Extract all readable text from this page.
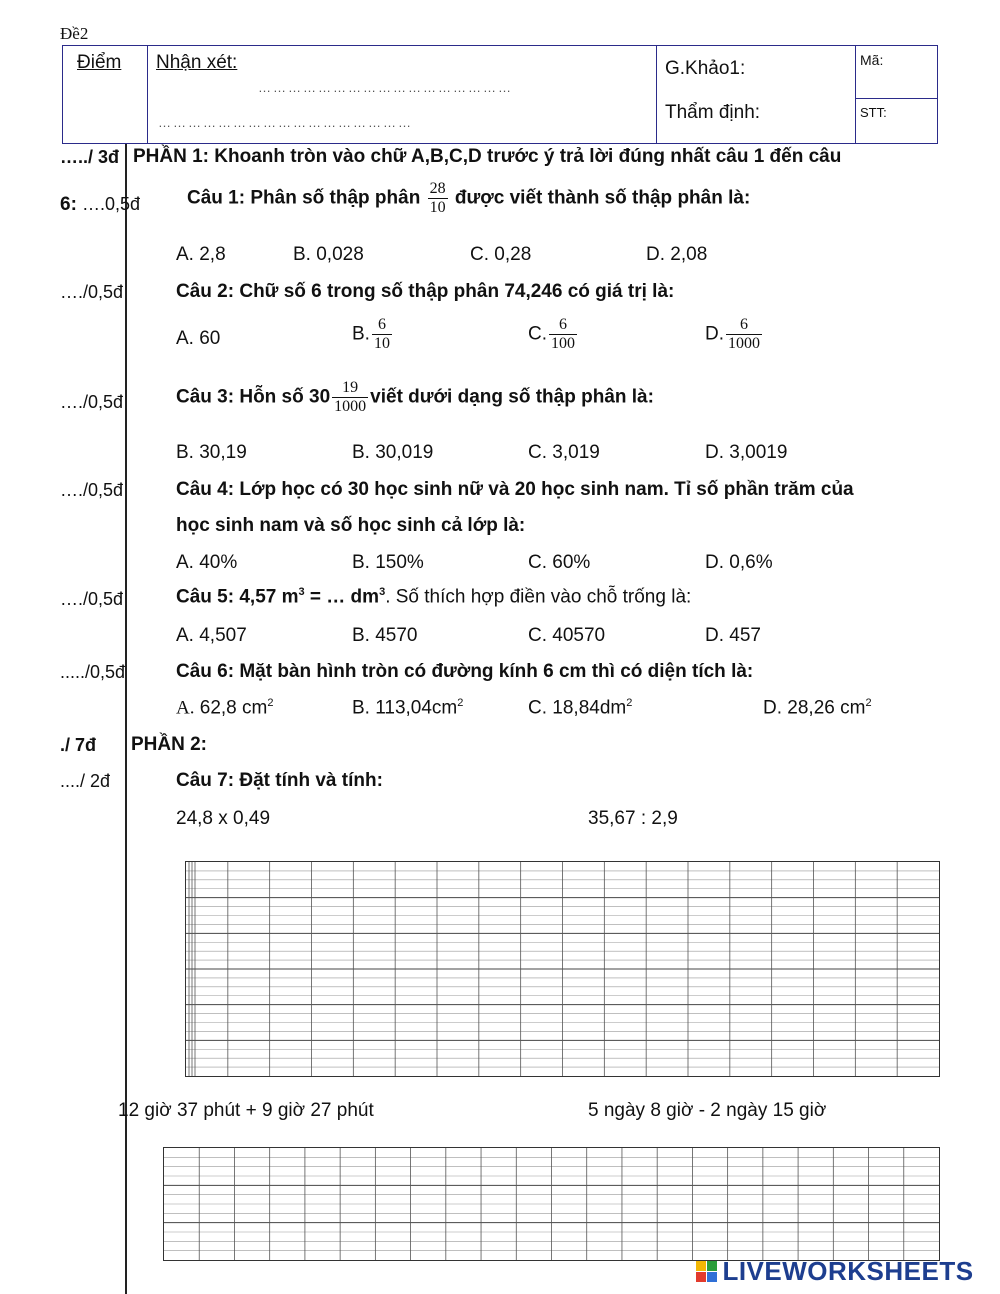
Đề2
Điểm	Nhận xét:	G.Khảo1:
Thẩm định:

Mã:
STT:
……………………………………………
……………………………………………
…../ 3đ PHẦN 1: Khoanh tròn vào chữ A,B,C,D trước ý trả lời đúng nhất câu 1 đến câu
6: ….0,5đ Câu 1: Phân số thập phân $\frac{28}{10}$ được viết thành số thập phân là:
A. 2,8	B. 0,028	C. 0,28	D. 2,08
…./0,5đ	Câu 2: Chữ số 6 trong số thập phân 74,246 có giá trị là:
A. 60	B. $\frac{6}{10}$	C. $\frac{6}{100}$	D. $\frac{6}{1000}$
…./0,5đ	Câu 3: Hỗn số $30 \frac{19}{1000}$ viết dưới dạng số thập phân là:
B. 30,19	B. 30,019	C. 3,019	D. 3,0019
…./0,5đ	Câu 4: Lớp học có 30 học sinh nữ và 20 học sinh nam. Tỉ số phần trăm của
học sinh nam và số học sinh cả lớp là:
A. 40%	B. 150%	C. 60%	D. 0,6%
…./0,5đ	Câu 5: 4,57 $m^3$ = … $dm^3$. Số thích hợp điền vào chỗ trống là:
A. 4,507	B. 4570	C. 40570	D. 457
...../0,5đ	Câu 6: Mặt bàn hình tròn có đường kính 6 cm thì có diện tích là:
A. 62,8 $cm^2$	B. $113,04cm^2$	C. $18,84dm^2$	D. 28,26 $cm^2$
./ 7đ PHẦN 2:
..../ 2đ	Câu 7: Đặt tính và tính:
24,8 x 0,49	35,67 : 2,9
12 giờ 37 phút + 9 giờ 27 phút	5 ngày 8 giờ - 2 ngày 15 giờ
LIVEWORKSHEETS
